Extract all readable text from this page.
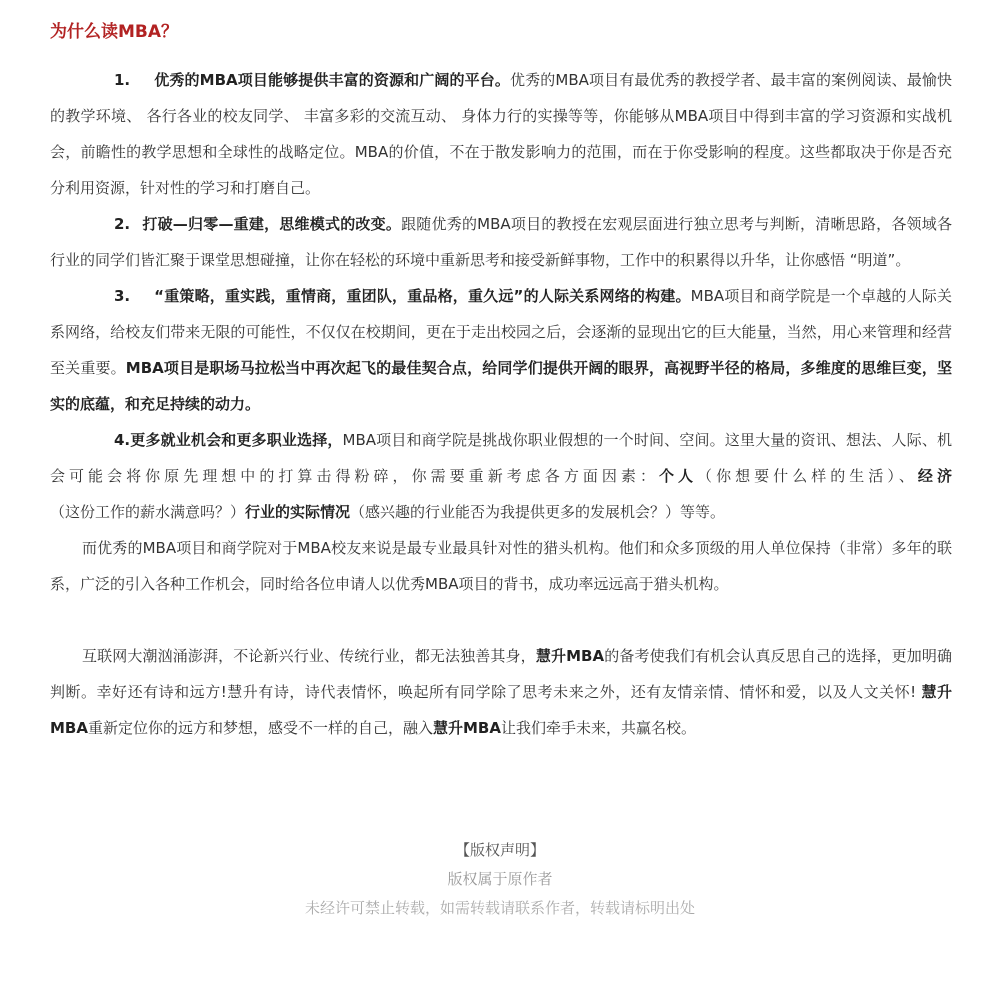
为什么读MBA？

1. 优秀的MBA项目能够提供丰富的资源和广阔的平台。优秀的MBA项目有最优秀的教授学者、最丰富的案例阅读、最愉快的教学环境、 各行各业的校友同学、 丰富多彩的交流互动、 身体力行的实操等等，你能够从MBA项目中得到丰富的学习资源和实战机会，前瞻性的教学思想和全球性的战略定位。MBA的价值，不在于散发影响力的范围，而在于你受影响的程度。这些都取决于你是否充分利用资源，针对性的学习和打磨自己。

2. 打破—归零—重建，思维模式的改变。跟随优秀的MBA项目的教授在宏观层面进行独立思考与判断，清晰思路，各领域各行业的同学们皆汇聚于课堂思想碰撞，让你在轻松的环境中重新思考和接受新鲜事物，工作中的积累得以升华，让你感悟 “明道”。

3. “重策略，重实践，重情商，重团队，重品格，重久远”的人际关系网络的构建。MBA项目和商学院是一个卓越的人际关系网络，给校友们带来无限的可能性，不仅仅在校期间，更在于走出校园之后，会逐渐的显现出它的巨大能量，当然，用心来管理和经营至关重要。MBA项目是职场马拉松当中再次起飞的最佳契合点，给同学们提供开阔的眼界，高视野半径的格局，多维度的思维巨变，坚实的底蕴，和充足持续的动力。

4.更多就业机会和更多职业选择，MBA项目和商学院是挑战你职业假想的一个时间、空间。这里大量的资讯、想法、人际、机会可能会将你原先理想中的打算击得粉碎，你需要重新考虑各方面因素：个人（你想要什么样的生活）、经济（这份工作的薪水满意吗？）行业的实际情况（感兴趣的行业能否为我提供更多的发展机会？）等等。

而优秀的MBA项目和商学院对于MBA校友来说是最专业最具针对性的猎头机构。他们和众多顶级的用人单位保持（非常）多年的联系，广泛的引入各种工作机会，同时给各位申请人以优秀MBA项目的背书，成功率远远高于猎头机构。

互联网大潮汹涌澎湃，不论新兴行业、传统行业，都无法独善其身，慧升MBA的备考使我们有机会认真反思自己的选择，更加明确判断。幸好还有诗和远方!慧升有诗，诗代表情怀，唤起所有同学除了思考未来之外，还有友情亲情、情怀和爱，以及人文关怀! 慧升 MBA重新定位你的远方和梦想，感受不一样的自己，融入慧升MBA让我们牵手未来，共赢名校。

【版权声明】
版权属于原作者
未经许可禁止转载，如需转载请联系作者，转载请标明出处
